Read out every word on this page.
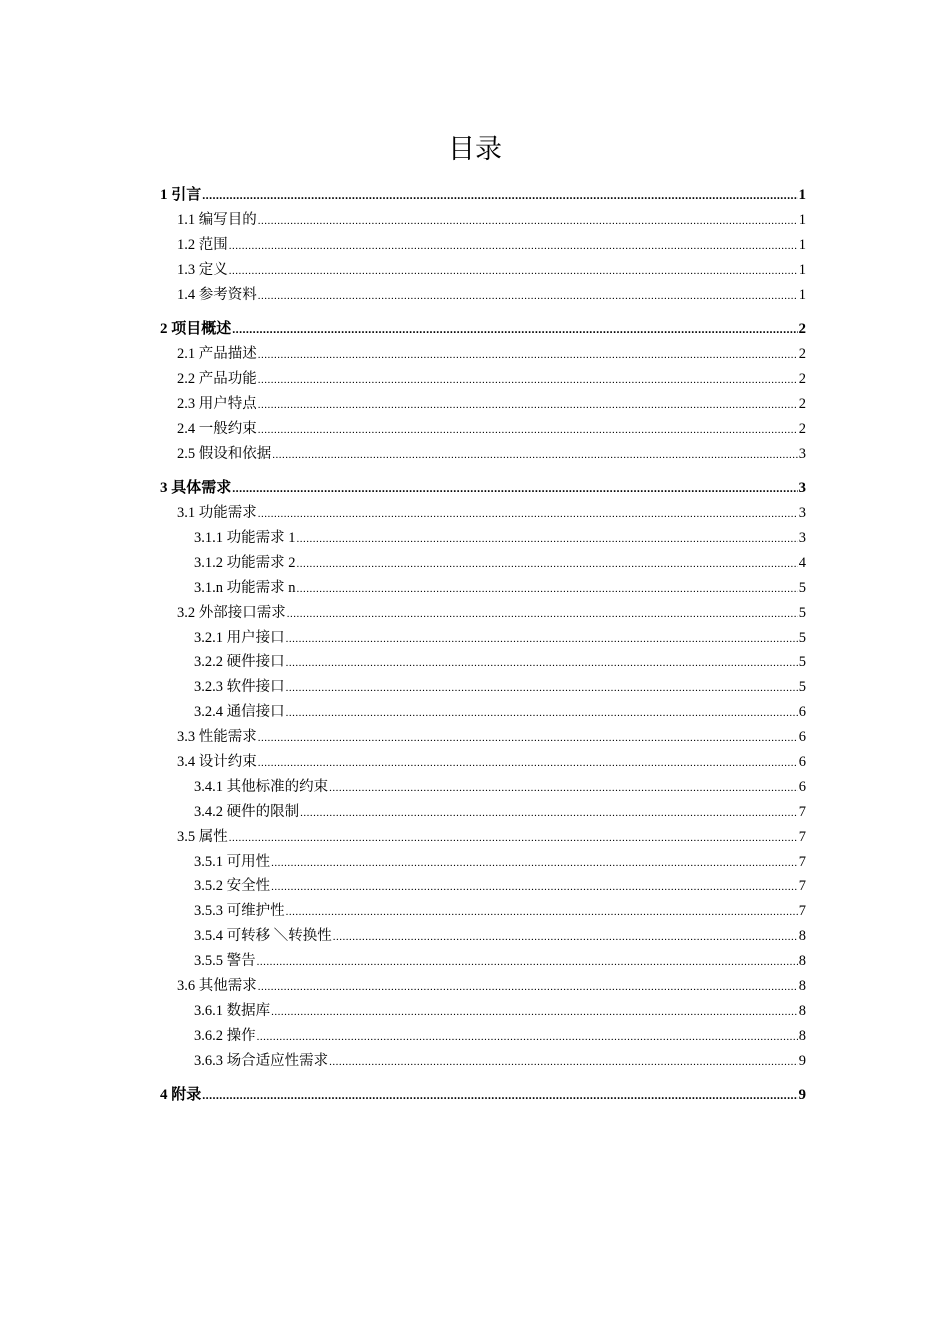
目录
1 引言 .....	1
1.1 编写目的 .....	1
1.2 范围 .....	1
1.3 定义 .....	1
1.4 参考资料 .....	1
2 项目概述 .....	2
2.1 产品描述 .....	2
2.2 产品功能 .....	2
2.3 用户特点 .....	2
2.4 一般约束 .....	2
2.5 假设和依据 .....	3
3 具体需求 .....	3
3.1 功能需求 .....	3
3.1.1 功能需求 1 .....	3
3.1.2 功能需求 2 .....	4
3.1.n 功能需求 n .....	5
3.2 外部接口需求 .....	5
3.2.1 用户接口 .....	5
3.2.2 硬件接口 .....	5
3.2.3 软件接口 .....	5
3.2.4 通信接口 .....	6
3.3 性能需求 .....	6
3.4 设计约束 .....	6
3.4.1 其他标准的约束 .....	6
3.4.2 硬件的限制 .....	7
3.5 属性 .....	7
3.5.1 可用性 .....	7
3.5.2 安全性 .....	7
3.5.3 可维护性 .....	7
3.5.4 可转移 ＼转换性 .....	8
3.5.5 警告 .....	8
3.6 其他需求 .....	8
3.6.1 数据库 .....	8
3.6.2 操作 .....	8
3.6.3 场合适应性需求 .....	9
4 附录 .....	9
